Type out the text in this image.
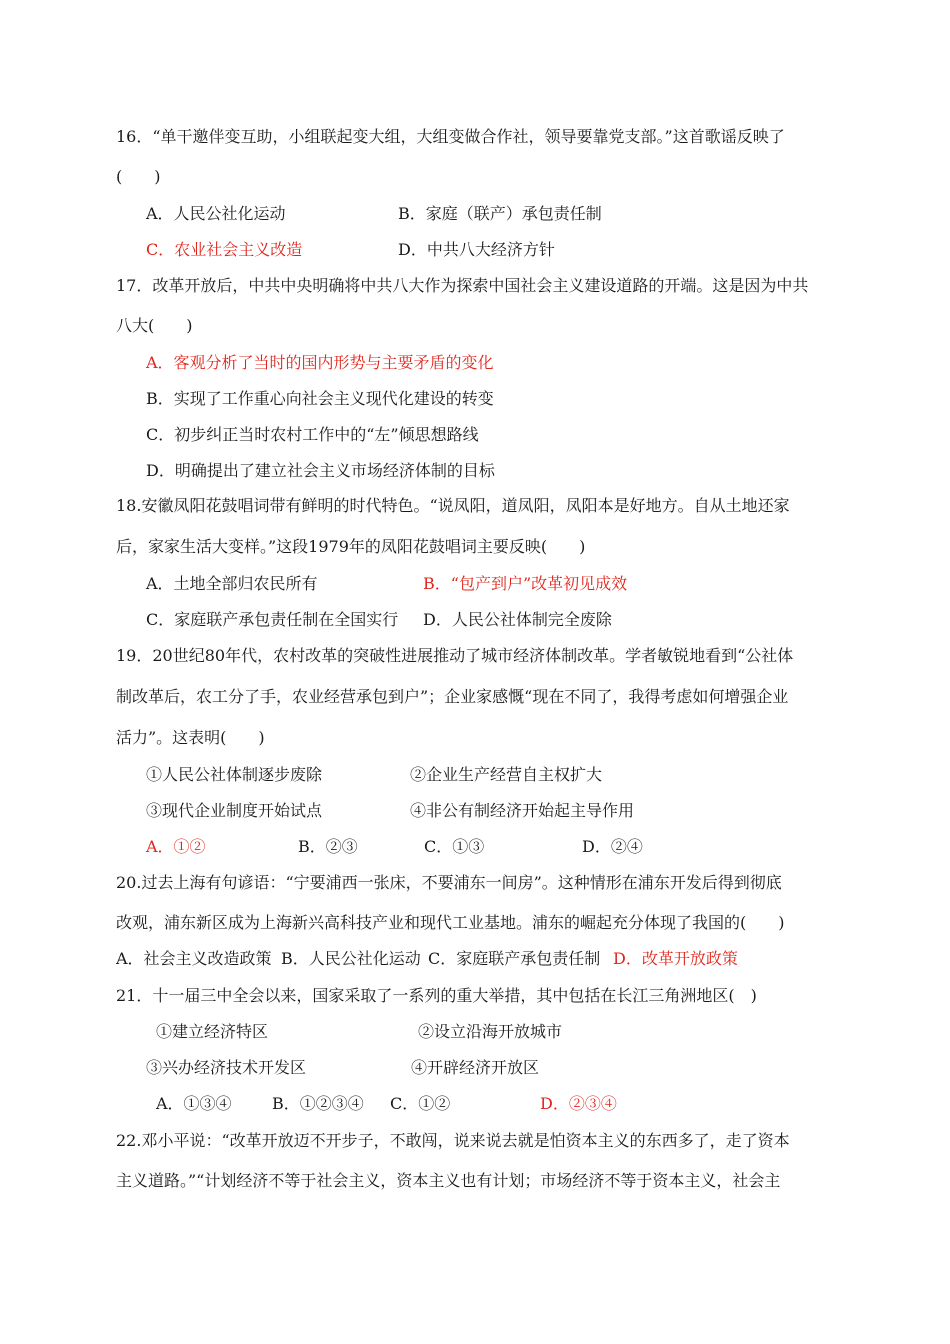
16．“单干邀伴变互助，小组联起变大组，大组变做合作社，领导要靠党支部。”这首歌谣反映了
(　　)
A．人民公社化运动	B．家庭（联产）承包责任制
C．农业社会主义改造	D．中共八大经济方针
17．改革开放后，中共中央明确将中共八大作为探索中国社会主义建设道路的开端。这是因为中共
八大(　　)
A．客观分析了当时的国内形势与主要矛盾的变化
B．实现了工作重心向社会主义现代化建设的转变
C．初步纠正当时农村工作中的“左”倾思想路线
D．明确提出了建立社会主义市场经济体制的目标
18.安徽凤阳花鼓唱词带有鲜明的时代特色。“说凤阳，道凤阳，凤阳本是好地方。自从土地还家
后，家家生活大变样。”这段1979年的凤阳花鼓唱词主要反映(　　)
A．土地全部归农民所有	B．“包产到户”改革初见成效
C．家庭联产承包责任制在全国实行 D．人民公社体制完全废除
19．20世纪80年代，农村改革的突破性进展推动了城市经济体制改革。学者敏锐地看到“公社体
制改革后，农工分了手，农业经营承包到户”；企业家感慨“现在不同了，我得考虑如何增强企业
活力”。这表明(　　)
①人民公社体制逐步废除	②企业生产经营自主权扩大
③现代企业制度开始试点	④非公有制经济开始起主导作用
A．①②	B．②③	C．①③	D．②④
20.过去上海有句谚语：“宁要浦西一张床，不要浦东一间房”。这种情形在浦东开发后得到彻底
改观，浦东新区成为上海新兴高科技产业和现代工业基地。浦东的崛起充分体现了我国的(　　)
A．社会主义改造政策 B．人民公社化运动 C．家庭联产承包责任制 D．改革开放政策
21．十一届三中全会以来，国家采取了一系列的重大举措，其中包括在长江三角洲地区(　)
①建立经济特区	②设立沿海开放城市
③兴办经济技术开发区	④开辟经济开放区
A．①③④	B．①②③④ C．①②	D．②③④
22.邓小平说：“改革开放迈不开步子，不敢闯，说来说去就是怕资本主义的东西多了，走了资本
主义道路。”“计划经济不等于社会主义，资本主义也有计划；市场经济不等于资本主义，社会主
